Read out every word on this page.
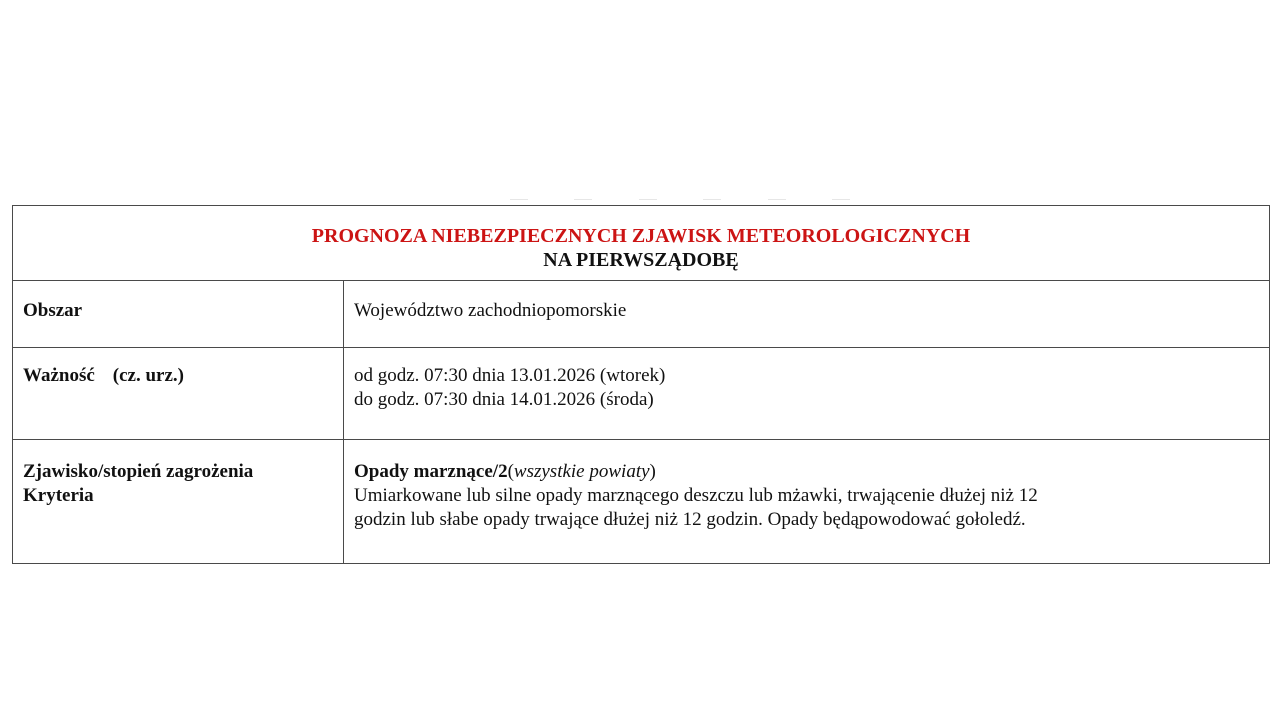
PROGNOZA NIEBEZPIECZNYCH ZJAWISK METEOROLOGICZNYCH
NA PIERWSZĄDOBĘ	

Obszar	Województwo zachodniopomorskie
Ważność (cz. urz.)	od godz. 07:30 dnia 13.01.2026 (wtorek)
do godz. 07:30 dnia 14.01.2026 (środa)

Zjawisko/stopień zagrożenia
Kryteria	Opady marznące/2(wszystkie powiaty)
Umiarkowane lub silne opady marznącego deszczu lub mżawki, trwającenie dłużej niż 12
godzin lub słabe opady trwające dłużej niż 12 godzin. Opady będąpowodować gołoledź.
